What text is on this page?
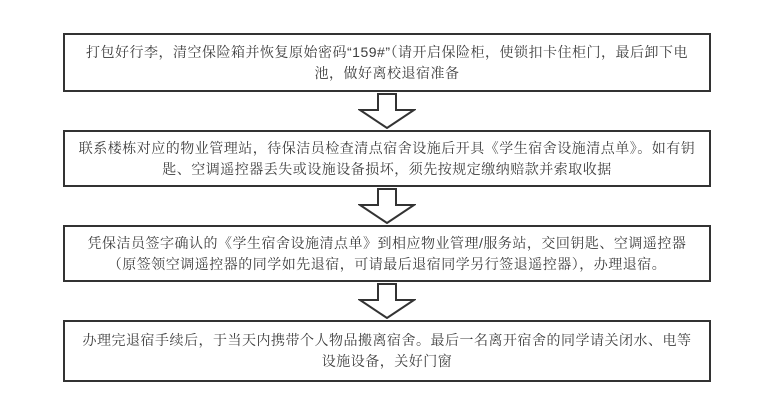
打包好行李，清空保险箱并恢复原始密码“159#”（请开启保险柜，使锁扣卡住柜门，最后卸下电池，做好离校退宿准备

联系楼栋对应的物业管理站，待保洁员检查清点宿舍设施后开具《学生宿舍设施清点单》。如有钥匙、空调遥控器丢失或设施设备损坏，须先按规定缴纳赔款并索取收据

凭保洁员签字确认的《学生宿舍设施清点单》到相应物业管理/服务站，交回钥匙、空调遥控器（原签领空调遥控器的同学如先退宿，可请最后退宿同学另行签退遥控器），办理退宿。

办理完退宿手续后，于当天内携带个人物品搬离宿舍。最后一名离开宿舍的同学请关闭水、电等设施设备，关好门窗
